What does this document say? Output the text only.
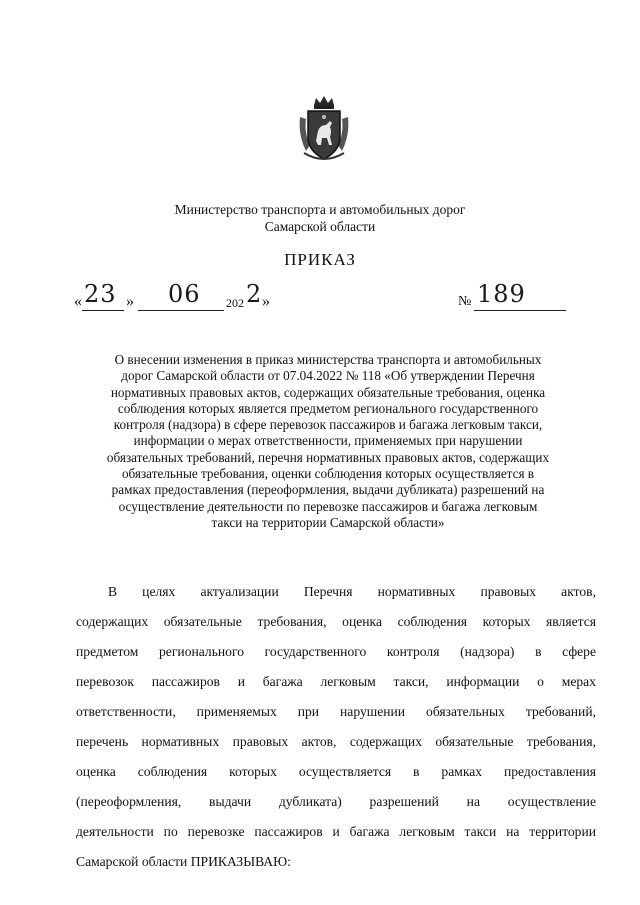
Министерство транспорта и автомобильных дорог
Самарской области
ПРИКАЗ
« 23 » 06 202 2 »	№ 189
О внесении изменения в приказ министерства транспорта и автомобильных
дорог Самарской области от 07.04.2022 № 118 «Об утверждении Перечня
нормативных правовых актов, содержащих обязательные требования, оценка
соблюдения которых является предметом регионального государственного
контроля (надзора) в сфере перевозок пассажиров и багажа легковым такси,
информации о мерах ответственности, применяемых при нарушении
обязательных требований, перечня нормативных правовых актов, содержащих
обязательные требования, оценки соблюдения которых осуществляется в
рамках предоставления (переоформления, выдачи дубликата) разрешений на
осуществление деятельности по перевозке пассажиров и багажа легковым
такси на территории Самарской области»
В целях актуализации Перечня нормативных правовых актов,
содержащих обязательные требования, оценка соблюдения которых является
предметом регионального государственного контроля (надзора) в сфере
перевозок пассажиров и багажа легковым такси, информации о мерах
ответственности, применяемых при нарушении обязательных требований,
перечень нормативных правовых актов, содержащих обязательные требования,
оценка соблюдения которых осуществляется в рамках предоставления
(переоформления, выдачи дубликата) разрешений на осуществление
деятельности по перевозке пассажиров и багажа легковым такси на территории
Самарской области ПРИКАЗЫВАЮ:
